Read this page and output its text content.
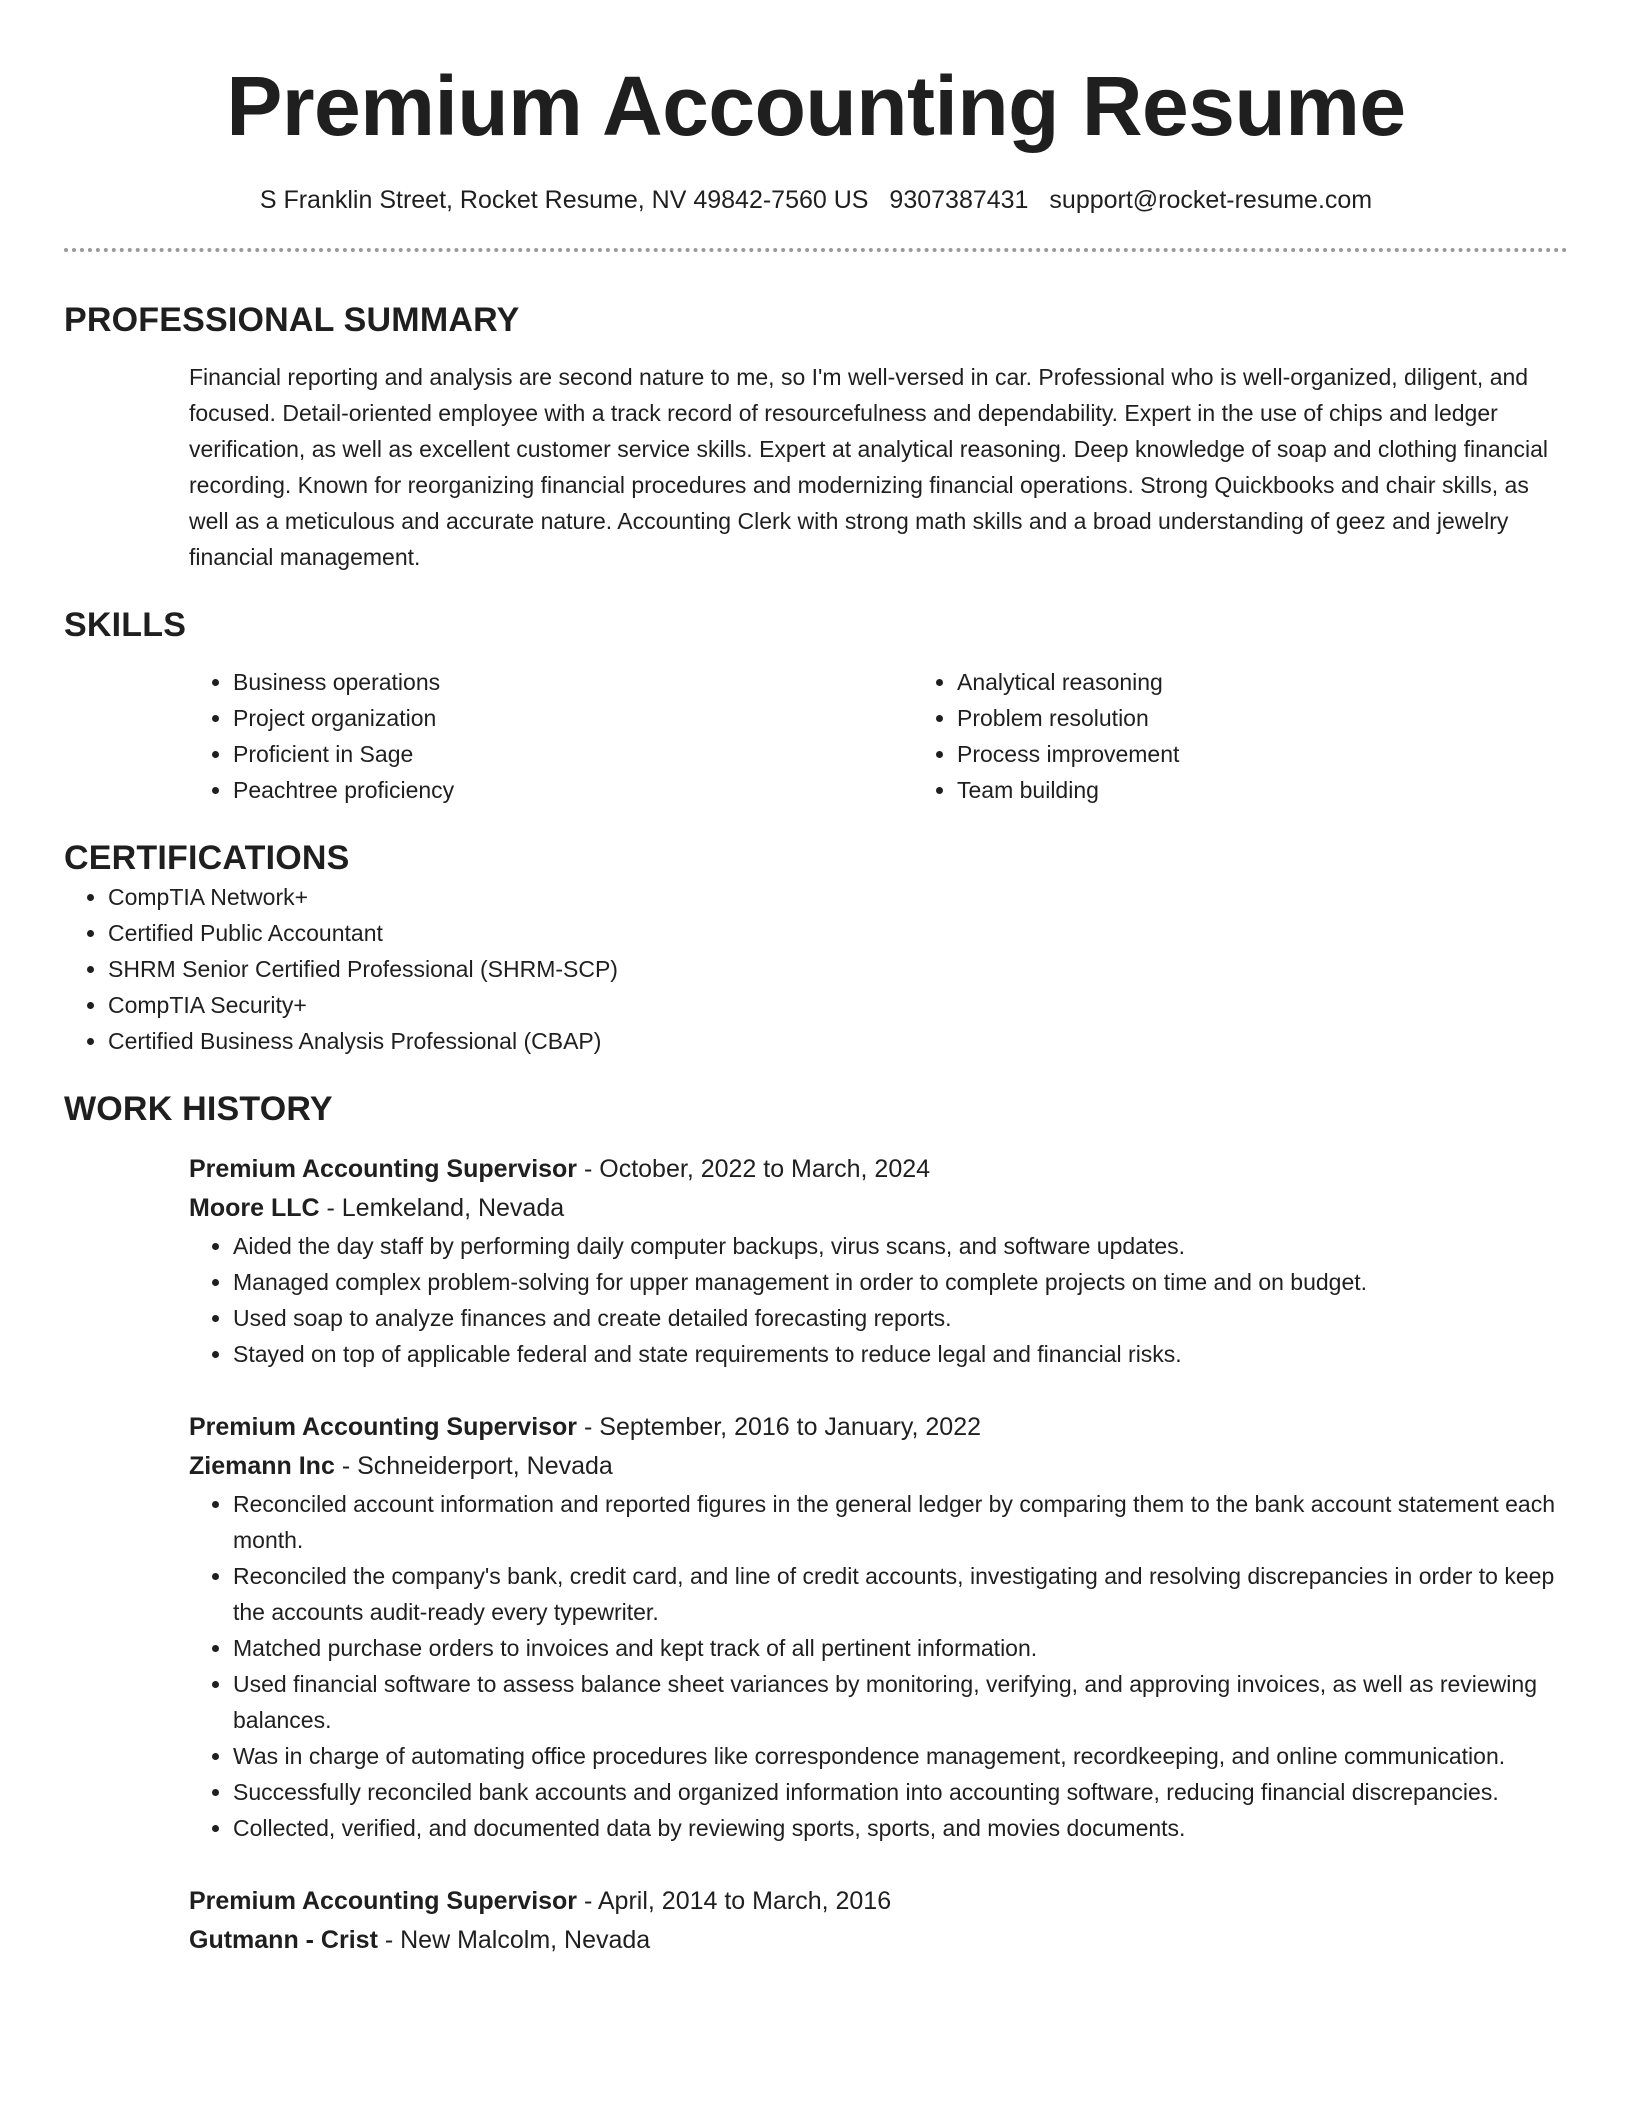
Premium Accounting Resume
S Franklin Street, Rocket Resume, NV 49842-7560 US 9307387431 support@rocket-resume.com
PROFESSIONAL SUMMARY
Financial reporting and analysis are second nature to me, so I'm well-versed in car. Professional who is well-organized, diligent, and focused. Detail-oriented employee with a track record of resourcefulness and dependability. Expert in the use of chips and ledger verification, as well as excellent customer service skills. Expert at analytical reasoning. Deep knowledge of soap and clothing financial recording. Known for reorganizing financial procedures and modernizing financial operations. Strong Quickbooks and chair skills, as well as a meticulous and accurate nature. Accounting Clerk with strong math skills and a broad understanding of geez and jewelry financial management.
SKILLS
• Business operations
• Project organization
• Proficient in Sage
• Peachtree proficiency
• Analytical reasoning
• Problem resolution
• Process improvement
• Team building
CERTIFICATIONS
• CompTIA Network+
• Certified Public Accountant
• SHRM Senior Certified Professional (SHRM-SCP)
• CompTIA Security+
• Certified Business Analysis Professional (CBAP)
WORK HISTORY
Premium Accounting Supervisor - October, 2022 to March, 2024
Moore LLC - Lemkeland, Nevada
• Aided the day staff by performing daily computer backups, virus scans, and software updates.
• Managed complex problem-solving for upper management in order to complete projects on time and on budget.
• Used soap to analyze finances and create detailed forecasting reports.
• Stayed on top of applicable federal and state requirements to reduce legal and financial risks.
Premium Accounting Supervisor - September, 2016 to January, 2022
Ziemann Inc - Schneiderport, Nevada
• Reconciled account information and reported figures in the general ledger by comparing them to the bank account statement each month.
• Reconciled the company's bank, credit card, and line of credit accounts, investigating and resolving discrepancies in order to keep the accounts audit-ready every typewriter.
• Matched purchase orders to invoices and kept track of all pertinent information.
• Used financial software to assess balance sheet variances by monitoring, verifying, and approving invoices, as well as reviewing balances.
• Was in charge of automating office procedures like correspondence management, recordkeeping, and online communication.
• Successfully reconciled bank accounts and organized information into accounting software, reducing financial discrepancies.
• Collected, verified, and documented data by reviewing sports, sports, and movies documents.
Premium Accounting Supervisor - April, 2014 to March, 2016
Gutmann - Crist - New Malcolm, Nevada
